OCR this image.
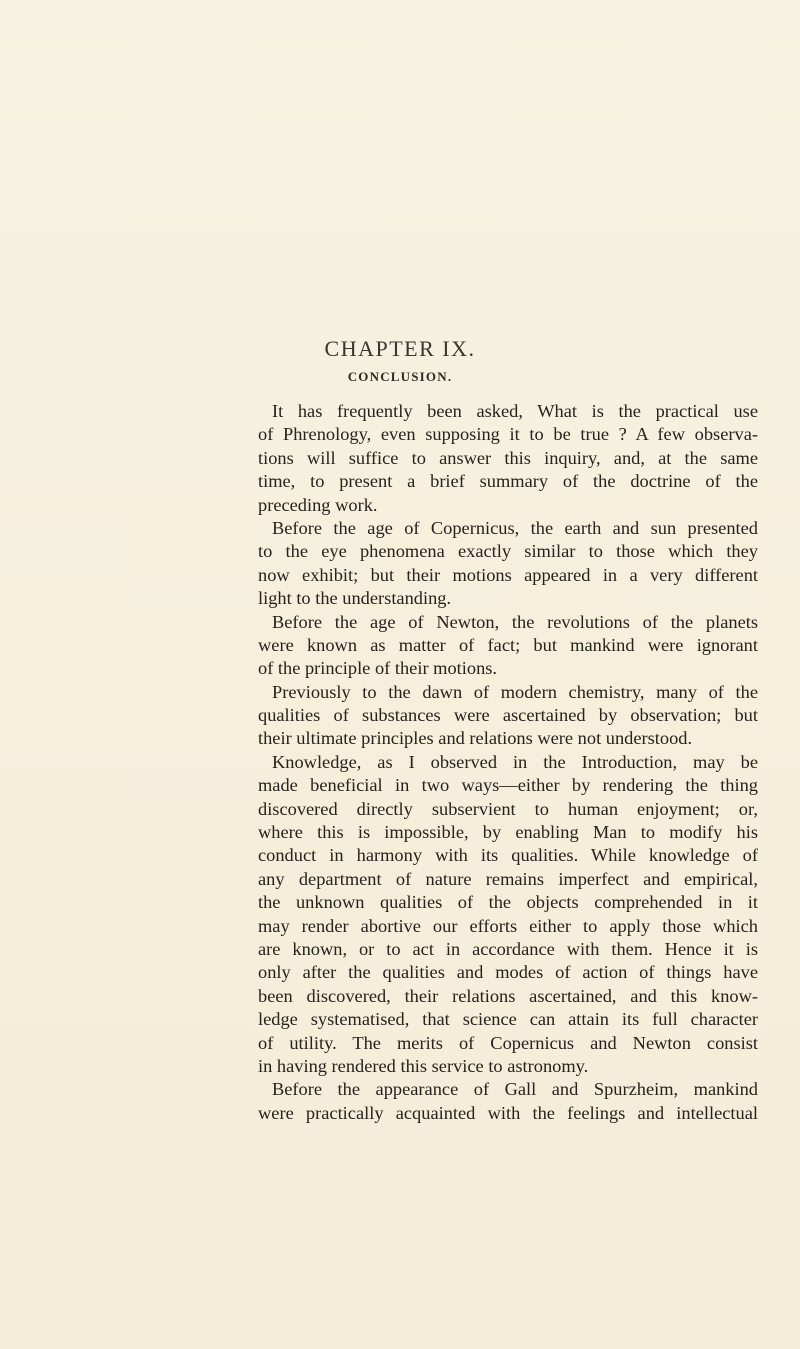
CHAPTER IX.
CONCLUSION.
It has frequently been asked, What is the practical use
of Phrenology, even supposing it to be true ? A few observa-
tions will suffice to answer this inquiry, and, at the same
time, to present a brief summary of the doctrine of the
preceding work.
Before the age of Copernicus, the earth and sun presented
to the eye phenomena exactly similar to those which they
now exhibit; but their motions appeared in a very different
light to the understanding.
Before the age of Newton, the revolutions of the planets
were known as matter of fact; but mankind were ignorant
of the principle of their motions.
Previously to the dawn of modern chemistry, many of the
qualities of substances were ascertained by observation; but
their ultimate principles and relations were not understood.
Knowledge, as I observed in the Introduction, may be
made beneficial in two ways—either by rendering the thing
discovered directly subservient to human enjoyment; or,
where this is impossible, by enabling Man to modify his
conduct in harmony with its qualities. While knowledge of
any department of nature remains imperfect and empirical,
the unknown qualities of the objects comprehended in it
may render abortive our efforts either to apply those which
are known, or to act in accordance with them. Hence it is
only after the qualities and modes of action of things have
been discovered, their relations ascertained, and this know-
ledge systematised, that science can attain its full character
of utility. The merits of Copernicus and Newton consist
in having rendered this service to astronomy.
Before the appearance of Gall and Spurzheim, mankind
were practically acquainted with the feelings and intellectual
